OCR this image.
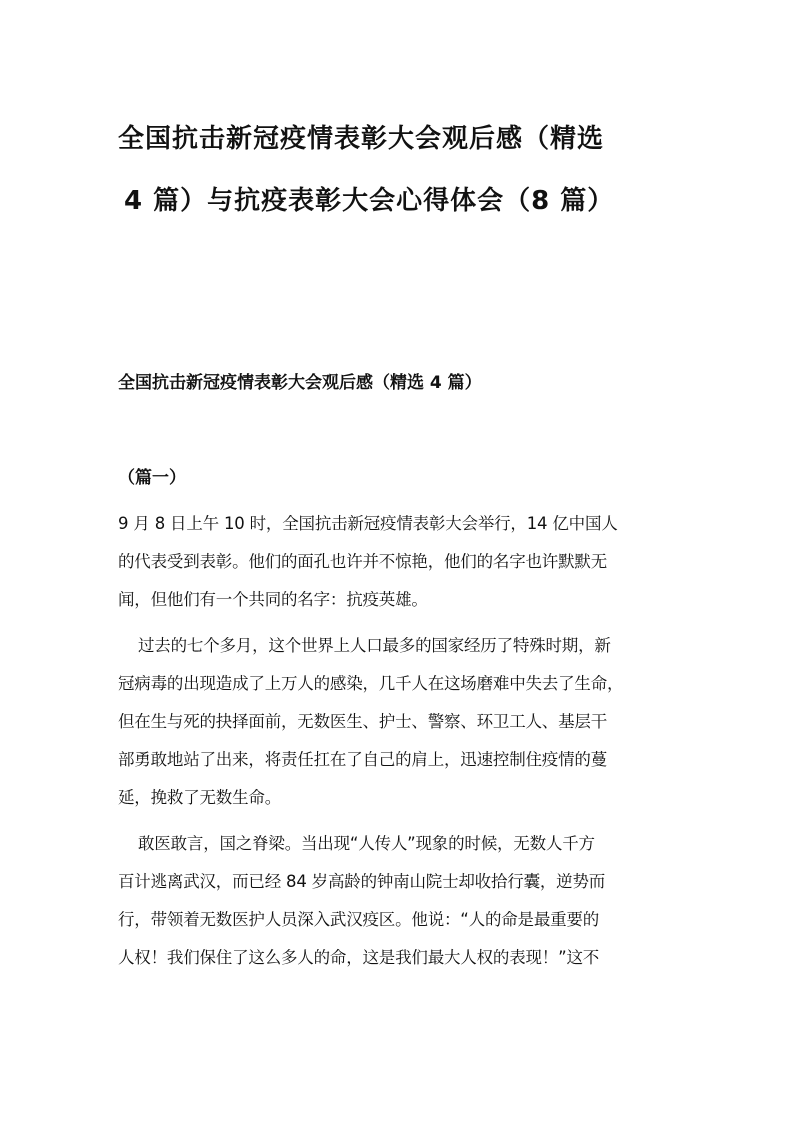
全国抗击新冠疫情表彰大会观后感（精选
4 篇）与抗疫表彰大会心得体会（8 篇）
全国抗击新冠疫情表彰大会观后感（精选 4 篇）
（篇一）

9 月 8 日上午 10 时，全国抗击新冠疫情表彰大会举行，14 亿中国人
的代表受到表彰。他们的面孔也许并不惊艳，他们的名字也许默默无
闻，但他们有一个共同的名字：抗疫英雄。

过去的七个多月，这个世界上人口最多的国家经历了特殊时期，新
冠病毒的出现造成了上万人的感染，几千人在这场磨难中失去了生命，
但在生与死的抉择面前，无数医生、护士、警察、环卫工人、基层干
部勇敢地站了出来，将责任扛在了自己的肩上，迅速控制住疫情的蔓
延，挽救了无数生命。

敢医敢言，国之脊梁。当出现“人传人”现象的时候，无数人千方
百计逃离武汉，而已经 84 岁高龄的钟南山院士却收拾行囊，逆势而
行，带领着无数医护人员深入武汉疫区。他说：“人的命是最重要的
人权！我们保住了这么多人的命，这是我们最大人权的表现！”这不
